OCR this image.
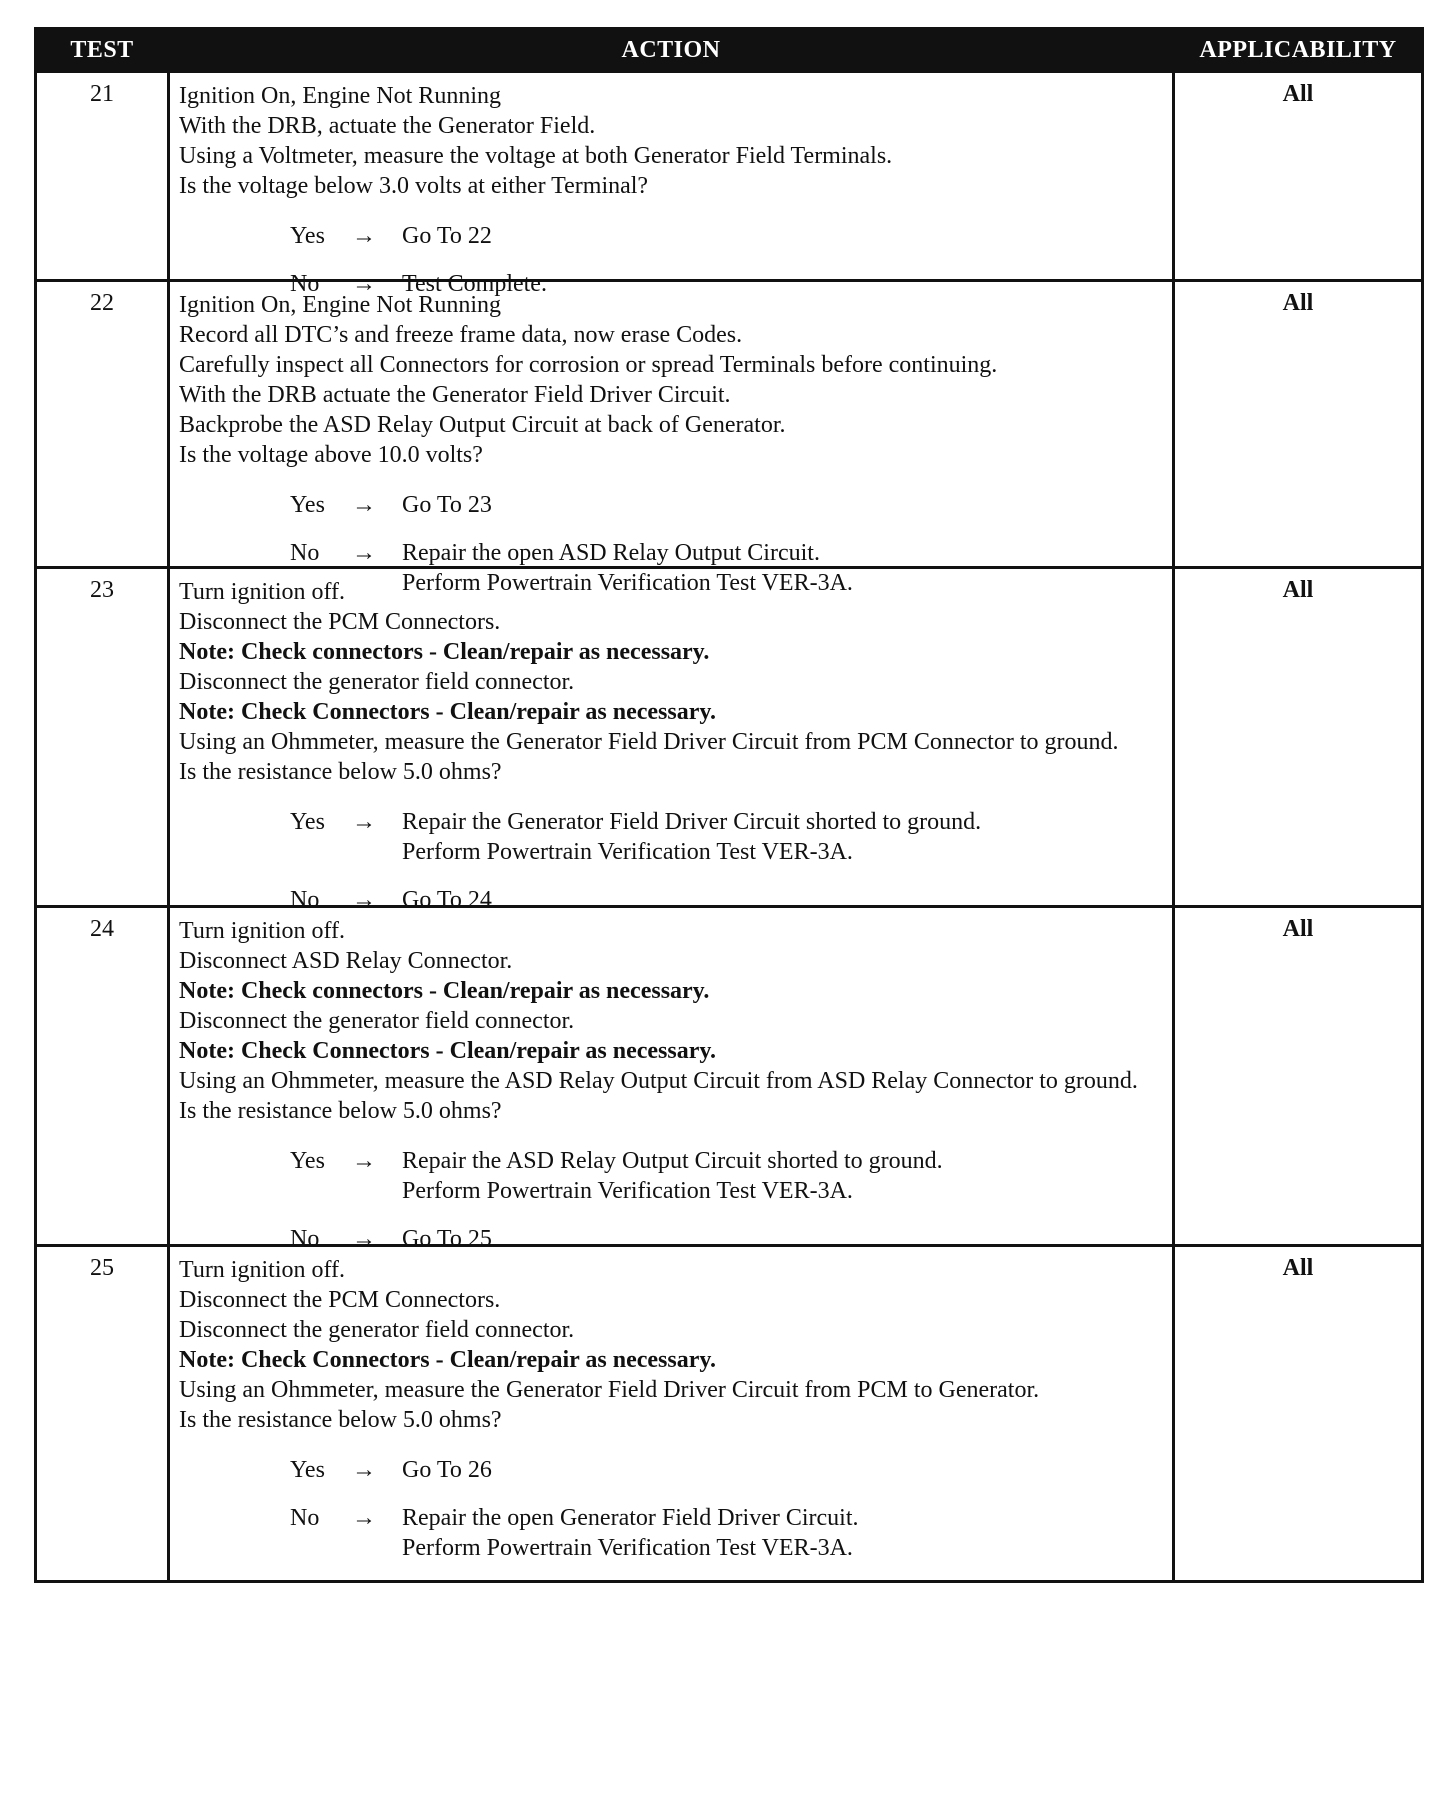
TEST	ACTION	APPLICABILITY
21	Ignition On, Engine Not Running
With the DRB, actuate the Generator Field.
Using a Voltmeter, measure the voltage at both Generator Field Terminals.
Is the voltage below 3.0 volts at either Terminal?
Yes	→	Go To 22
No	→	Test Complete.
All
22	Ignition On, Engine Not Running
Record all DTC’s and freeze frame data, now erase Codes.
Carefully inspect all Connectors for corrosion or spread Terminals before continuing.
With the DRB actuate the Generator Field Driver Circuit.
Backprobe the ASD Relay Output Circuit at back of Generator.
Is the voltage above 10.0 volts?
Yes	→	Go To 23
No	→	Repair the open ASD Relay Output Circuit.
Perform Powertrain Verification Test VER-3A.
All
23	Turn ignition off.
Disconnect the PCM Connectors.
Note: Check connectors - Clean/repair as necessary.
Disconnect the generator field connector.
Note: Check Connectors - Clean/repair as necessary.
Using an Ohmmeter, measure the Generator Field Driver Circuit from PCM Connector to ground.
Is the resistance below 5.0 ohms?
Yes	→	Repair the Generator Field Driver Circuit shorted to ground.
Perform Powertrain Verification Test VER-3A.
No	→	Go To 24
All
24	Turn ignition off.
Disconnect ASD Relay Connector.
Note: Check connectors - Clean/repair as necessary.
Disconnect the generator field connector.
Note: Check Connectors - Clean/repair as necessary.
Using an Ohmmeter, measure the ASD Relay Output Circuit from ASD Relay Connector to ground.
Is the resistance below 5.0 ohms?
Yes	→	Repair the ASD Relay Output Circuit shorted to ground.
Perform Powertrain Verification Test VER-3A.
No	→	Go To 25
All
25	Turn ignition off.
Disconnect the PCM Connectors.
Disconnect the generator field connector.
Note: Check Connectors - Clean/repair as necessary.
Using an Ohmmeter, measure the Generator Field Driver Circuit from PCM to Generator.
Is the resistance below 5.0 ohms?
Yes	→	Go To 26
No	→	Repair the open Generator Field Driver Circuit.
Perform Powertrain Verification Test VER-3A.
All
